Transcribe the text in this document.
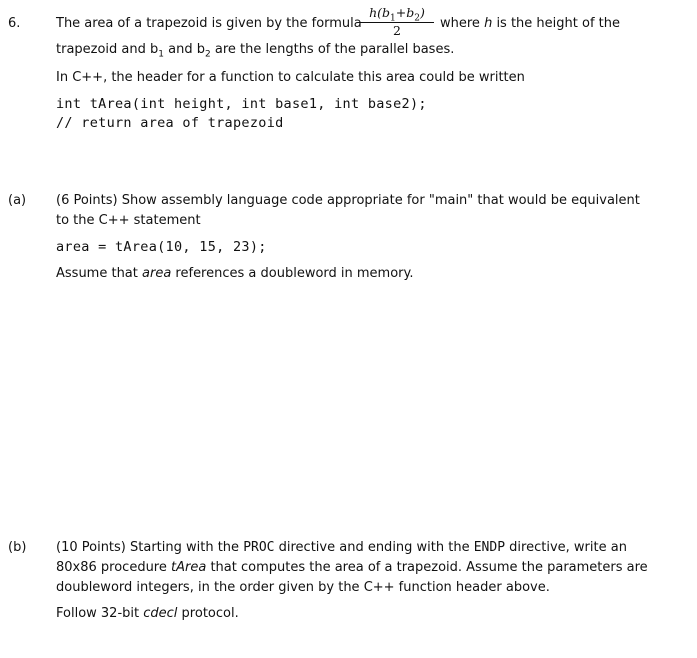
6.	The area of a trapezoid is given by the formula
$h(b_1+b_2)$
2	where h is the height of the
trapezoid and $b_1$ and $b_2$ are the lengths of the parallel bases.
In C++, the header for a function to calculate this area could be written
int tArea(int height, int base1, int base2);
// return area of trapezoid
(a) (6 Points) Show assembly language code appropriate for "main" that would be equivalent
to the C++ statement
area = tArea(10, 15, 23);
Assume that area references a doubleword in memory.
(b) (10 Points) Starting with the PROC directive and ending with the ENDP directive, write an
80x86 procedure tArea that computes the area of a trapezoid. Assume the parameters are
doubleword integers, in the order given by the C++ function header above.
Follow 32-bit cdecl protocol.
